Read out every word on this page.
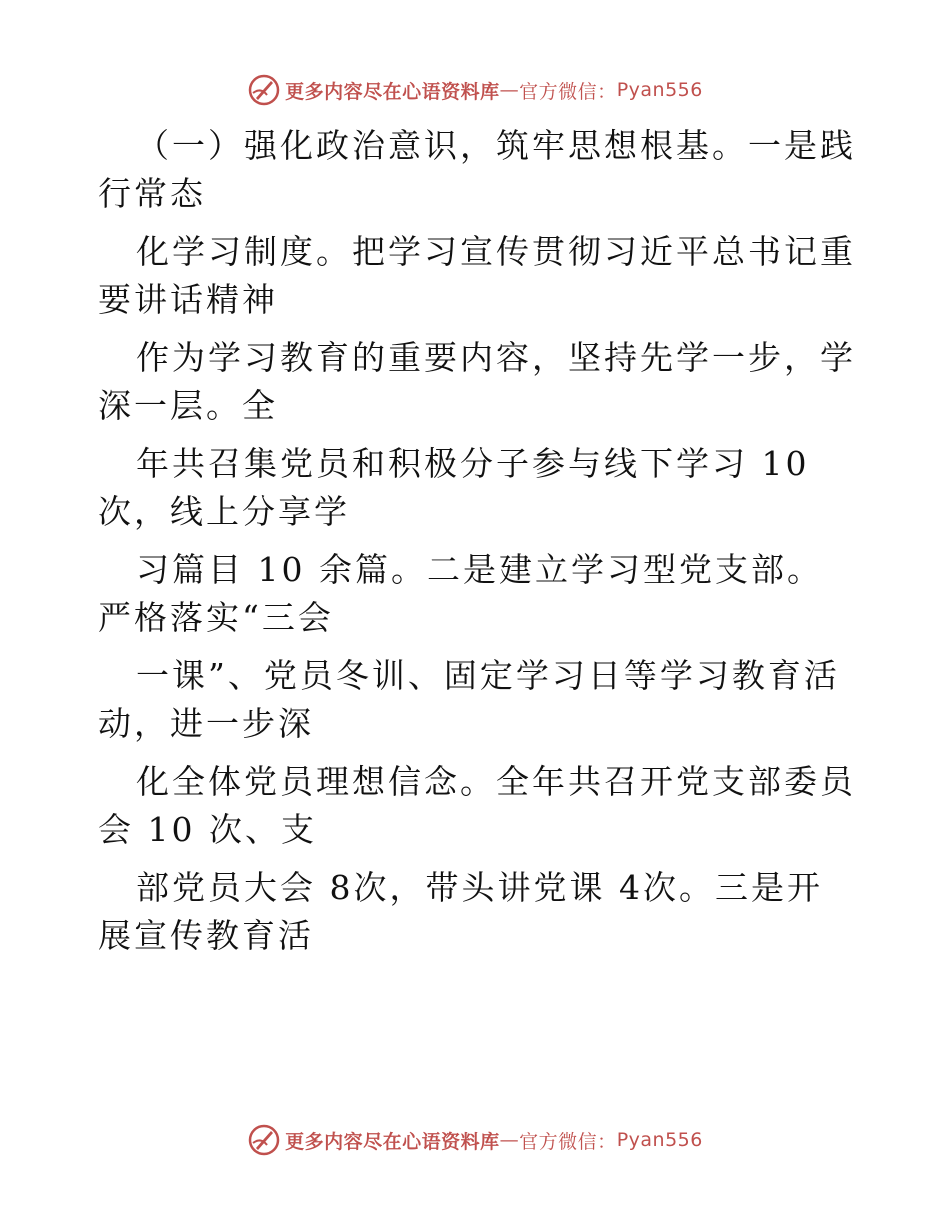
更多内容尽在心语资料库 — 官方微信： Pyan556

（一）强化政治意识，筑牢思想根基。一是践行常态

化学习制度。把学习宣传贯彻习近平总书记重要讲话精神

作为学习教育的重要内容，坚持先学一步，学深一层。全

年共召集党员和积极分子参与线下学习 10 次，线上分享学

习篇目 10 余篇。二是建立学习型党支部。严格落实“三会

一课”、党员冬训、固定学习日等学习教育活动，进一步深

化全体党员理想信念。全年共召开党支部委员会 10 次、支

部党员大会 8次，带头讲党课 4次。三是开展宣传教育活

更多内容尽在心语资料库 — 官方微信： Pyan556
